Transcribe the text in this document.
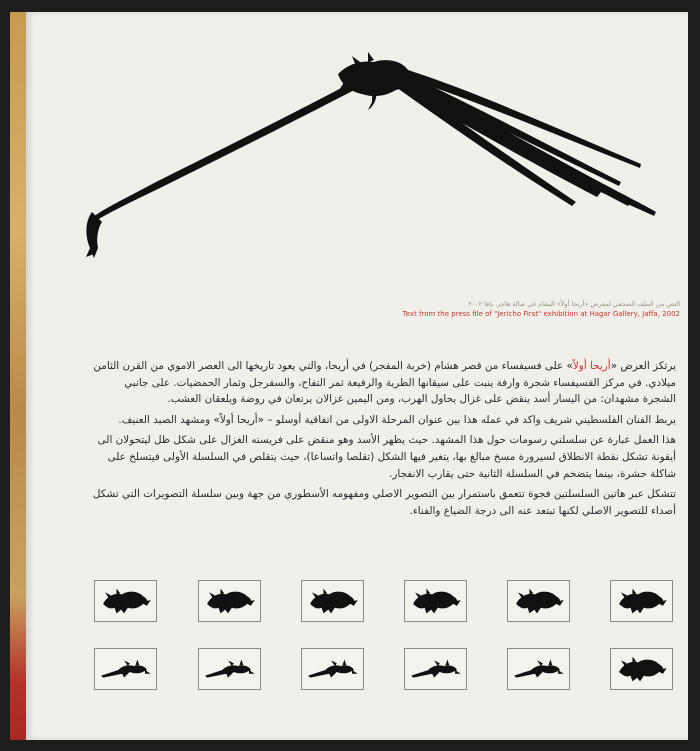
النص من الملف الصحفي لمعرض «أريحا أولاً» المقام في صالة هاجر، يافا ٢٠٠٢
Text from the press file of "Jericho First" exhibition at Hagar Gallery, Jaffa, 2002

يرتكز العرض «أريحا أولاً» على فسيفساء من قصر هشام (خربة المفجر) في أريحا، والتي يعود تاريخها الى العصر الاموي من القرن الثامن ميلادي. في مركز الفسيفساء شجرة وارفة ينبت على سيقانها الطرية والرفيعة ثمر التفاح، والسفرجل وثمار الحمضيات. على جانبي الشجرة مشهدان: من اليسار أسد ينقض على غزال يحاول الهرب، ومن اليمين غزالان يرتعان في روضة ويلعقان العشب.

يربط الفنان الفلسطيني شريف واكد في عمله هذا بين عنوان المرحلة الاولى من اتفاقية أوسلو – «أريحا أولاً» ومشهد الصيد العنيف.

هذا العمل عبارة عن سلسلتي رسومات حول هذا المشهد. حيث يظهر الأسد وهو منقض على فريسته الغزال على شكل ظل ليتحولان الى أيقونة تشكل نقطة الانطلاق لسيرورة مسخ مبالغ بها، يتغير فيها الشكل (تقلصا واتساعا)، حيث يتقلص في السلسلة الأولى فيتسلخ على شاكلة حشرة، بينما يتضخم في السلسلة الثانية حتى يقارب الانفجار.

تتشكل عبر هاتين السلسلتين فجوة تتعمق باستمرار بين التصوير الاصلي ومفهومه الأسطوري من جهة وبين سلسلة التصويرات التي تشكل أصداء للتصوير الاصلي لكنها تبتعد عنه الى درجة الضياع والفناء.
